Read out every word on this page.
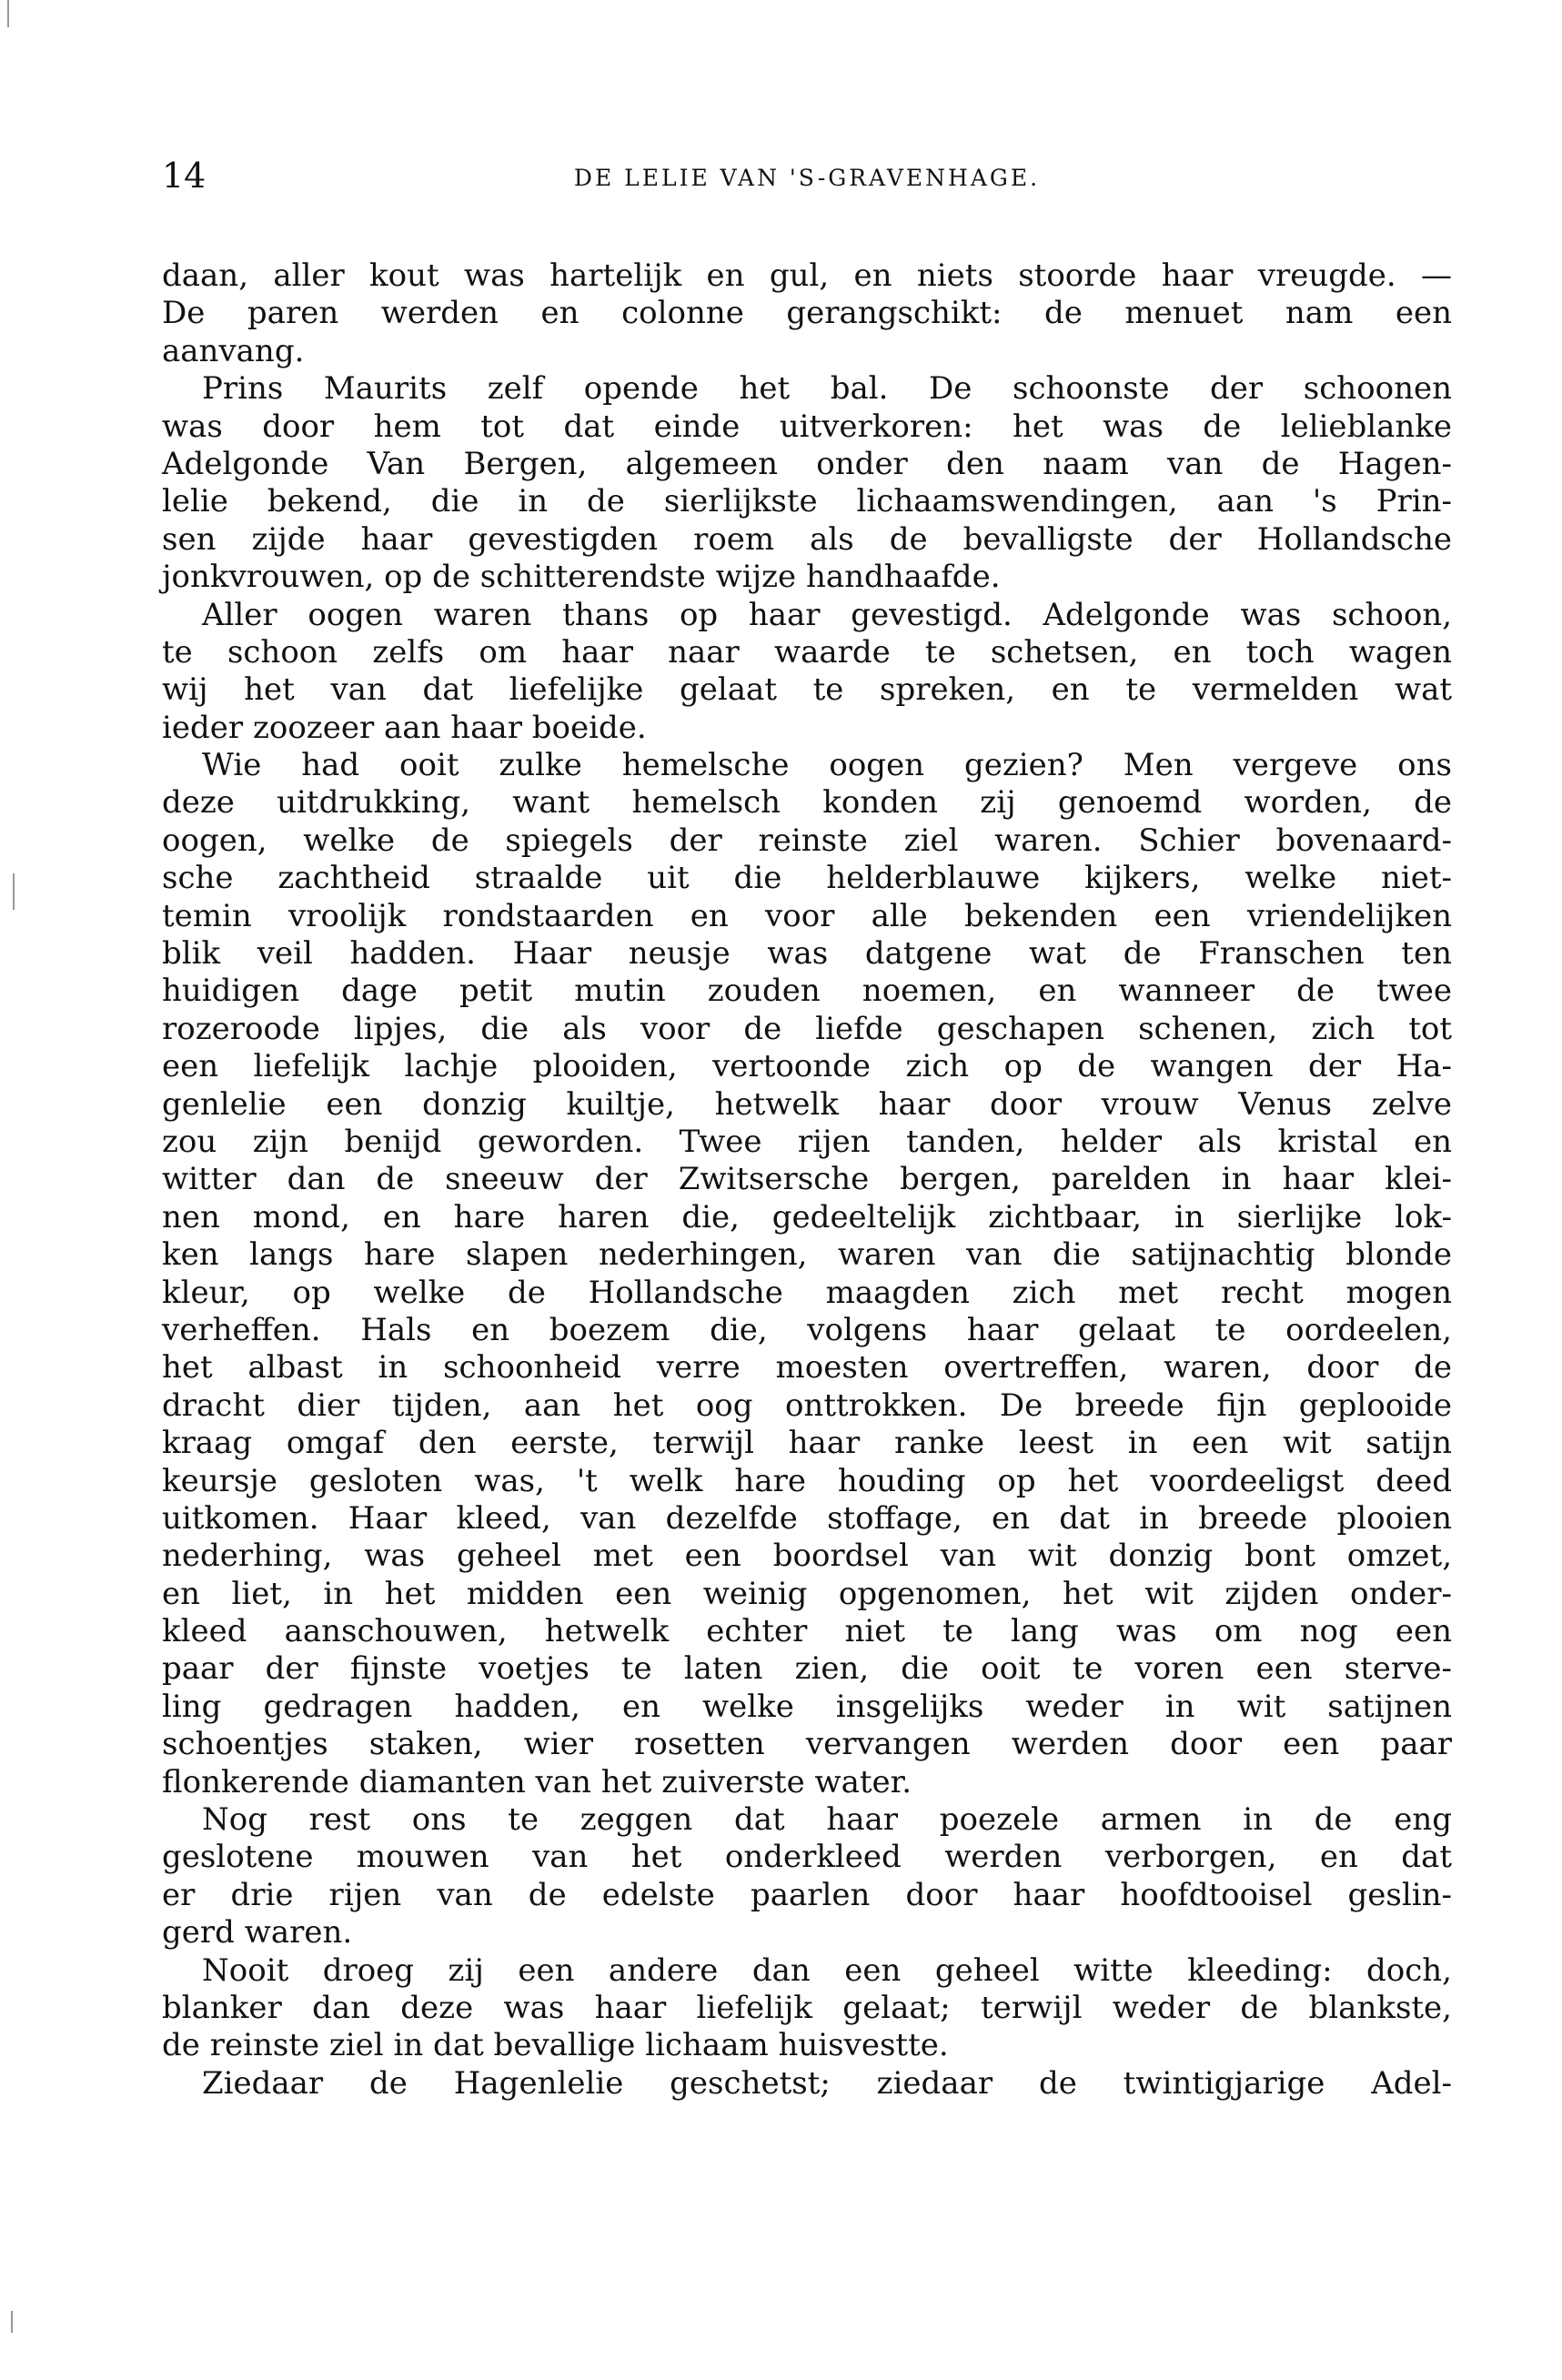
14	DE LELIE VAN 'S-GRAVENHAGE.
daan, aller kout was hartelijk en gul, en niets stoorde haar vreugde. —
De paren werden en colonne gerangschikt: de menuet nam een
aanvang.
Prins Maurits zelf opende het bal. De schoonste der schoonen
was door hem tot dat einde uitverkoren: het was de lelieblanke
Adelgonde Van Bergen, algemeen onder den naam van de Hagen-
lelie bekend, die in de sierlijkste lichaamswendingen, aan 's Prin-
sen zijde haar gevestigden roem als de bevalligste der Hollandsche
jonkvrouwen, op de schitterendste wijze handhaafde.
Aller oogen waren thans op haar gevestigd. Adelgonde was schoon,
te schoon zelfs om haar naar waarde te schetsen, en toch wagen
wij het van dat liefelijke gelaat te spreken, en te vermelden wat
ieder zoozeer aan haar boeide.
Wie had ooit zulke hemelsche oogen gezien? Men vergeve ons
deze uitdrukking, want hemelsch konden zij genoemd worden, de
oogen, welke de spiegels der reinste ziel waren. Schier bovenaard-
sche zachtheid straalde uit die helderblauwe kijkers, welke niet-
temin vroolijk rondstaarden en voor alle bekenden een vriendelijken
blik veil hadden. Haar neusje was datgene wat de Franschen ten
huidigen dage petit mutin zouden noemen, en wanneer de twee
rozeroode lipjes, die als voor de liefde geschapen schenen, zich tot
een liefelijk lachje plooiden, vertoonde zich op de wangen der Ha-
genlelie een donzig kuiltje, hetwelk haar door vrouw Venus zelve
zou zijn benijd geworden. Twee rijen tanden, helder als kristal en
witter dan de sneeuw der Zwitsersche bergen, parelden in haar klei-
nen mond, en hare haren die, gedeeltelijk zichtbaar, in sierlijke lok-
ken langs hare slapen nederhingen, waren van die satijnachtig blonde
kleur, op welke de Hollandsche maagden zich met recht mogen
verheffen. Hals en boezem die, volgens haar gelaat te oordeelen,
het albast in schoonheid verre moesten overtreffen, waren, door de
dracht dier tijden, aan het oog onttrokken. De breede fijn geplooide
kraag omgaf den eerste, terwijl haar ranke leest in een wit satijn
keursje gesloten was, 't welk hare houding op het voordeeligst deed
uitkomen. Haar kleed, van dezelfde stoffage, en dat in breede plooien
nederhing, was geheel met een boordsel van wit donzig bont omzet,
en liet, in het midden een weinig opgenomen, het wit zijden onder-
kleed aanschouwen, hetwelk echter niet te lang was om nog een
paar der fijnste voetjes te laten zien, die ooit te voren een sterve-
ling gedragen hadden, en welke insgelijks weder in wit satijnen
schoentjes staken, wier rosetten vervangen werden door een paar
flonkerende diamanten van het zuiverste water.
Nog rest ons te zeggen dat haar poezele armen in de eng
geslotene mouwen van het onderkleed werden verborgen, en dat
er drie rijen van de edelste paarlen door haar hoofdtooisel geslin-
gerd waren.
Nooit droeg zij een andere dan een geheel witte kleeding: doch,
blanker dan deze was haar liefelijk gelaat; terwijl weder de blankste,
de reinste ziel in dat bevallige lichaam huisvestte.
Ziedaar de Hagenlelie geschetst; ziedaar de twintigjarige Adel-
